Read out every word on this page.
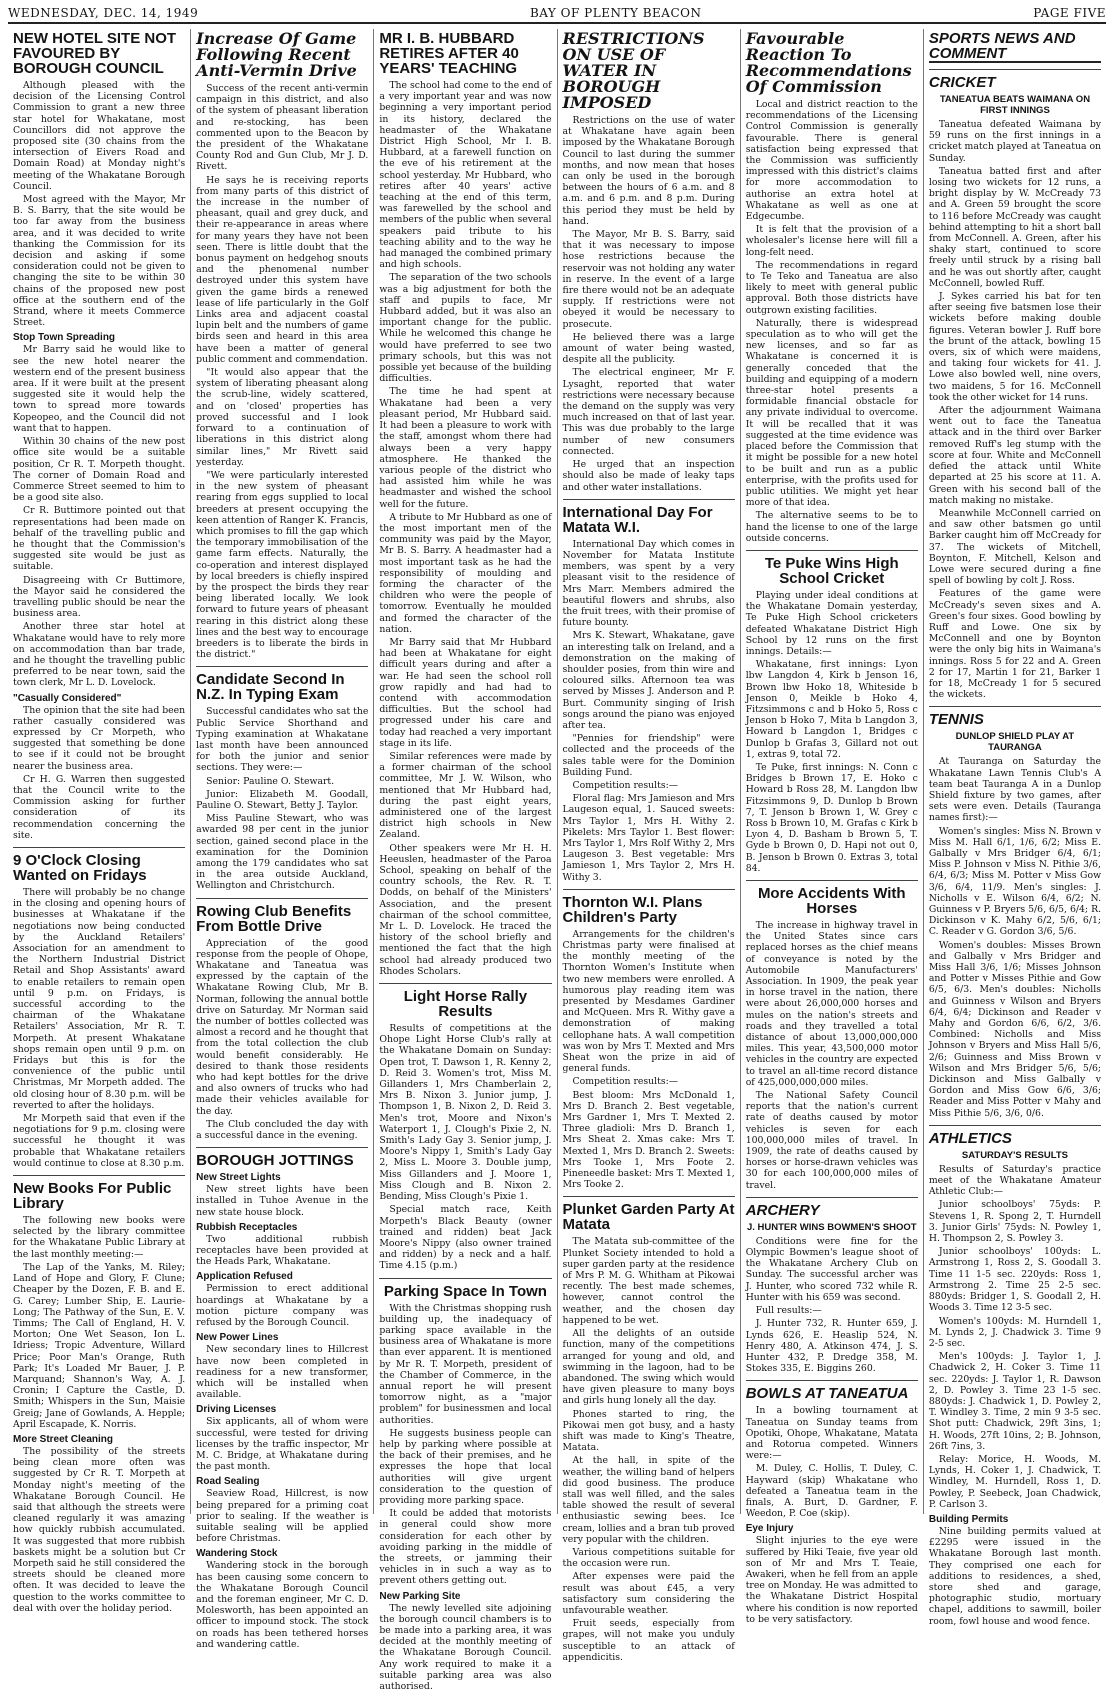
WEDNESDAY, DEC. 14, 1949	BAY OF PLENTY BEACON	PAGE FIVE
NEW HOTEL SITE NOT FAVOURED BY BOROUGH COUNCIL

Although pleased with the decision of the Licensing Control Commission to grant a new three star hotel for Whakatane, most Councillors did not approve the proposed site (30 chains from the intersection of Eivers Road and Domain Road) at Monday night's meeting of the Whakatane Borough Council.

Most agreed with the Mayor, Mr B. S. Barry, that the site would be too far away from the business area, and it was decided to write thanking the Commission for its decision and asking if some consideration could not be given to changing the site to be within 30 chains of the proposed new post office at the southern end of the Strand, where it meets Commerce Street.

Stop Town Spreading

Mr Barry said he would like to see the new hotel nearer the western end of the present business area. If it were built at the present suggested site it would help the town to spread more towards Kopeopeo, and the Council did not want that to happen.

Within 30 chains of the new post office site would be a suitable position, Cr R. T. Morpeth thought. The corner of Domain Road and Commerce Street seemed to him to be a good site also.

Cr R. Buttimore pointed out that representations had been made on behalf of the travelling public and he thought that the Commission's suggested site would be just as suitable.

Disagreeing with Cr Buttimore, the Mayor said he considered the travelling public should be near the business area.

Another three star hotel at Whakatane would have to rely more on accommodation than bar trade, and he thought the travelling public preferred to be near town, said the town clerk, Mr L. D. Lovelock.

"Casually Considered"

The opinion that the site had been rather casually considered was expressed by Cr Morpeth, who suggested that something be done to see if it could not be brought nearer the business area.

Cr H. G. Warren then suggested that the Council write to the Commission asking for further consideration of its recommendation concerning the site.

9 O'Clock Closing Wanted on Fridays

There will probably be no change in the closing and opening hours of businesses at Whakatane if the negotiations now being conducted by the Auckland Retailers' Association for an amendment to the Northern Industrial District Retail and Shop Assistants' award to enable retailers to remain open until 9 p.m. on Fridays, is successful according to the chairman of the Whakatane Retailers' Association, Mr R. T. Morpeth. At present Whakatane shops remain open until 9 p.m. on Fridays but this is for the convenience of the public until Christmas, Mr Morpeth added. The old closing hour of 8.30 p.m. will be reverted to after the holidays.

Mr Morpeth said that even if the negotiations for 9 p.m. closing were successful he thought it was probable that Whakatane retailers would continue to close at 8.30 p.m.

New Books For Public Library

The following new books were selected by the library committee for the Whakatane Public Library at the last monthly meeting:—

The Lap of the Yanks, M. Riley; Land of Hope and Glory, F. Clune; Cheaper by the Dozen, F. B. and E. G. Carey; Lumber Ship, E. Laurie-Long; The Pathway of the Sun, E. V. Timms; The Call of England, H. V. Morton; One Wet Season, Ion L. Idriess; Tropic Adventure, Willard Price; Poor Man's Orange, Ruth Park; It's Loaded Mr Bauer, J. P. Marquand; Shannon's Way, A. J. Cronin; I Capture the Castle, D. Smith; Whispers in the Sun, Maisie Greig; Jane of Gowlands, A. Hepple; April Escapade, K. Norris.

More Street Cleaning

The possibility of the streets being clean more often was suggested by Cr R. T. Morpeth at Monday night's meeting of the Whakatane Borough Council. He said that although the streets were cleaned regularly it was amazing how quickly rubbish accumulated. It was suggested that more rubbish baskets might be a solution but Cr Morpeth said he still considered the streets should be cleaned more often. It was decided to leave the question to the works committee to deal with over the holiday period.

Increase Of Game Following Recent Anti-Vermin Drive

Success of the recent anti-vermin campaign in this district, and also of the system of pheasant liberation and re-stocking, has been commented upon to the Beacon by the president of the Whakatane County Rod and Gun Club, Mr J. D. Rivett.

He says he is receiving reports from many parts of this district of the increase in the number of pheasant, quail and grey duck, and their re-appearance in areas where for many years they have not been seen. There is little doubt that the bonus payment on hedgehog snouts and the phenomenal number destroyed under this system have given the game birds a renewed lease of life particularly in the Golf Links area and adjacent coastal lupin belt and the numbers of game birds seen and heard in this area have been a matter of general public comment and commendation.

"It would also appear that the system of liberating pheasant along the scrub-line, widely scattered, and on 'closed' properties has proved successful and I look forward to a continuation of liberations in this district along similar lines," Mr Rivett said yesterday.

"We were particularly interested in the new system of pheasant rearing from eggs supplied to local breeders at present occupying the keen attention of Ranger K. Francis, which promises to fill the gap which the temporary immobilisation of the game farm effects. Naturally, the co-operation and interest displayed by local breeders is chiefly inspired by the prospect the birds they rear being liberated locally. We look forward to future years of pheasant rearing in this district along these lines and the best way to encourage breeders is to liberate the birds in the district."

Candidate Second In N.Z. In Typing Exam

Successful candidates who sat the Public Service Shorthand and Typing examination at Whakatane last month have been announced for both the junior and senior sections. They were:—

Senior: Pauline O. Stewart.

Junior: Elizabeth M. Goodall, Pauline O. Stewart, Betty J. Taylor.

Miss Pauline Stewart, who was awarded 98 per cent in the junior section, gained second place in the examination for the Dominion among the 179 candidates who sat in the area outside Auckland, Wellington and Christchurch.

Rowing Club Benefits From Bottle Drive

Appreciation of the good response from the people of Ohope, Whakatane and Taneatua was expressed by the captain of the Whakatane Rowing Club, Mr B. Norman, following the annual bottle drive on Saturday. Mr Norman said the number of bottles collected was almost a record and he thought that from the total collection the club would benefit considerably. He desired to thank those residents who had kept bottles for the drive and also owners of trucks who had made their vehicles available for the day.

The Club concluded the day with a successful dance in the evening.

BOROUGH JOTTINGS
New Street Lights

New street lights have been installed in Tuhoe Avenue in the new state house block.

Rubbish Receptacles

Two additional rubbish receptacles have been provided at the Heads Park, Whakatane.

Application Refused

Permission to erect additional hoardings at Whakatane by a motion picture company was refused by the Borough Council.

New Power Lines

New secondary lines to Hillcrest have now been completed in readiness for a new transformer, which will be installed when available.

Driving Licenses

Six applicants, all of whom were successful, were tested for driving licenses by the traffic inspector, Mr M. C. Bridge, at Whakatane during the past month.

Road Sealing

Seaview Road, Hillcrest, is now being prepared for a priming coat prior to sealing. If the weather is suitable sealing will be applied before Christmas.

Wandering Stock

Wandering stock in the borough has been causing some concern to the Whakatane Borough Council and the foreman engineer, Mr C. D. Molesworth, has been appointed an officer to impound stock. The stock on roads has been tethered horses and wandering cattle.

MR I. B. HUBBARD RETIRES AFTER 40 YEARS' TEACHING

The school had come to the end of a very important year and was now beginning a very important period in its history, declared the headmaster of the Whakatane District High School, Mr I. B. Hubbard, at a farewell function on the eve of his retirement at the school yesterday. Mr Hubbard, who retires after 40 years' active teaching at the end of this term, was farewelled by the school and members of the public when several speakers paid tribute to his teaching ability and to the way he had managed the combined primary and high schools.

The separation of the two schools was a big adjustment for both the staff and pupils to face, Mr Hubbard added, but it was also an important change for the public. While he welcomed this change he would have preferred to see two primary schools, but this was not possible yet because of the building difficulties.

The time he had spent at Whakatane had been a very pleasant period, Mr Hubbard said. It had been a pleasure to work with the staff, amongst whom there had always been a very happy atmosphere. He thanked the various people of the district who had assisted him while he was headmaster and wished the school well for the future.

A tribute to Mr Hubbard as one of the most important men of the community was paid by the Mayor, Mr B. S. Barry. A headmaster had a most important task as he had the responsibility of moulding and forming the character of the children who were the people of tomorrow. Eventually he moulded and formed the character of the nation.

Mr Barry said that Mr Hubbard had been at Whakatane for eight difficult years during and after a war. He had seen the school roll grow rapidly and had had to contend with accommodation difficulties. But the school had progressed under his care and today had reached a very important stage in its life.

Similar references were made by a former chairman of the school committee, Mr J. W. Wilson, who mentioned that Mr Hubbard had, during the past eight years, administered one of the largest district high schools in New Zealand.

Other speakers were Mr H. H. Heeuslen, headmaster of the Paroa School, speaking on behalf of the country schools, the Rev. R. T. Dodds, on behalf of the Ministers' Association, and the present chairman of the school committee, Mr L. D. Lovelock. He traced the history of the school briefly and mentioned the fact that the high school had already produced two Rhodes Scholars.

Light Horse Rally Results

Results of competitions at the Ohope Light Horse Club's rally at the Whakatane Domain on Sunday: Open trot, T. Dawson 1, R. Kenny 2, D. Reid 3. Women's trot, Miss M. Gillanders 1, Mrs Chamberlain 2, Mrs B. Nixon 3. Junior jump, J. Thompson 1, B. Nixon 2, D. Reid 3. Men's trot, Moore and Nixon's Waterport 1, J. Clough's Pixie 2, N. Smith's Lady Gay 3. Senior jump, J. Moore's Nippy 1, Smith's Lady Gay 2, Miss L. Moore 3. Double jump, Miss Gillanders and J. Moore 1, Miss Clough and B. Nixon 2. Bending, Miss Clough's Pixie 1.

Special match race, Keith Morpeth's Black Beauty (owner trained and ridden) beat Jack Moore's Nippy (also owner trained and ridden) by a neck and a half. Time 4.15 (p.m.)

Parking Space In Town

With the Christmas shopping rush building up, the inadequacy of parking space available in the business area of Whakatane is more than ever apparent. It is mentioned by Mr R. T. Morpeth, president of the Chamber of Commerce, in the annual report he will present tomorrow night, as a "major problem" for businessmen and local authorities.

He suggests business people can help by parking where possible at the back of their premises, and he expresses the hope that local authorities will give urgent consideration to the question of providing more parking space.

It could be added that motorists in general could show more consideration for each other by avoiding parking in the middle of the streets, or jamming their vehicles in in such a way as to prevent others getting out.

New Parking Site

The newly levelled site adjoining the borough council chambers is to be made into a parking area, it was decided at the monthly meeting of the Whakatane Borough Council. Any work required to make it a suitable parking area was also authorised.

RESTRICTIONS ON USE OF WATER IN BOROUGH IMPOSED

Restrictions on the use of water at Whakatane have again been imposed by the Whakatane Borough Council to last during the summer months, and now mean that hoses can only be used in the borough between the hours of 6 a.m. and 8 a.m. and 6 p.m. and 8 p.m. During this period they must be held by hand.

The Mayor, Mr B. S. Barry, said that it was necessary to impose hose restrictions because the reservoir was not holding any water in reserve. In the event of a large fire there would not be an adequate supply. If restrictions were not obeyed it would be necessary to prosecute.

He believed there was a large amount of water being wasted, despite all the publicity.

The electrical engineer, Mr F. Lysaght, reported that water restrictions were necessary because the demand on the supply was very much increased on that of last year. This was due probably to the large number of new consumers connected.

He urged that an inspection should also be made of leaky taps and other water installations.

International Day For Matata W.I.

International Day which comes in November for Matata Institute members, was spent by a very pleasant visit to the residence of Mrs Marr. Members admired the beautiful flowers and shrubs, also the fruit trees, with their promise of future bounty.

Mrs K. Stewart, Whakatane, gave an interesting talk on Ireland, and a demonstration on the making of shoulder posies, from thin wire and coloured silks. Afternoon tea was served by Misses J. Anderson and P. Burt. Community singing of Irish songs around the piano was enjoyed after tea.

"Pennies for friendship" were collected and the proceeds of the sales table were for the Dominion Building Fund.

Competition results:—

Floral flag: Mrs Jamieson and Mrs Laugeson equal, 1. Sauced sweets: Mrs Taylor 1, Mrs H. Withy 2. Pikelets: Mrs Taylor 1. Best flower: Mrs Taylor 1, Mrs Rolf Withy 2, Mrs Laugeson 3. Best vegetable: Mrs Jamieson 1, Mrs Taylor 2, Mrs H. Withy 3.

Thornton W.I. Plans Children's Party

Arrangements for the children's Christmas party were finalised at the monthly meeting of the Thornton Women's Institute when two new members were enrolled. A humorous play reading item was presented by Mesdames Gardiner and McQueen. Mrs R. Withy gave a demonstration of making cellophane hats. A wall competition was won by Mrs T. Mexted and Mrs Sheat won the prize in aid of general funds.

Competition results:—

Best bloom: Mrs McDonald 1, Mrs D. Branch 2. Best vegetable, Mrs Gardner 1, Mrs T. Mexted 2. Three gladioli: Mrs D. Branch 1, Mrs Sheat 2. Xmas cake: Mrs T. Mexted 1, Mrs D. Branch 2. Sweets: Mrs Tooke 1, Mrs Foote 2. Pineneedle basket: Mrs T. Mexted 1, Mrs Tooke 2.

Plunket Garden Party At Matata

The Matata sub-committee of the Plunket Society intended to hold a super garden party at the residence of Mrs P. M. G. Whitham at Pikowai recently. The best made schemes, however, cannot control the weather, and the chosen day happened to be wet.

All the delights of an outside function, many of the competitions arranged for young and old, and swimming in the lagoon, had to be abandoned. The swing which would have given pleasure to many boys and girls hung lonely all the day.

Phones started to ring, the Pikowai men got busy, and a hasty shift was made to King's Theatre, Matata.

At the hall, in spite of the weather, the willing band of helpers did good business. The produce stall was well filled, and the sales table showed the result of several enthusiastic sewing bees. Ice cream, lollies and a bran tub proved very popular with the children.

Various competitions suitable for the occasion were run.

After expenses were paid the result was about £45, a very satisfactory sum considering the unfavourable weather.

Fruit seeds, especially from grapes, will not make you unduly susceptible to an attack of appendicitis.

Favourable Reaction To Recommendations Of Commission

Local and district reaction to the recommendations of the Licensing Control Commission is generally favourable. There is general satisfaction being expressed that the Commission was sufficiently impressed with this district's claims for more accommodation to authorise an extra hotel at Whakatane as well as one at Edgecumbe.

It is felt that the provision of a wholesaler's license here will fill a long-felt need.

The recommendations in regard to Te Teko and Taneatua are also likely to meet with general public approval. Both those districts have outgrown existing facilities.

Naturally, there is widespread speculation as to who will get the new licenses, and so far as Whakatane is concerned it is generally conceded that the building and equipping of a modern three-star hotel presents a formidable financial obstacle for any private individual to overcome. It will be recalled that it was suggested at the time evidence was placed before the Commission that it might be possible for a new hotel to be built and run as a public enterprise, with the profits used for public utilities. We might yet hear more of that idea.

The alternative seems to be to hand the license to one of the large outside concerns.

Te Puke Wins High School Cricket

Playing under ideal conditions at the Whakatane Domain yesterday, Te Puke High School cricketers defeated Whakatane District High School by 12 runs on the first innings. Details:—

Whakatane, first innings: Lyon lbw Langdon 4, Kirk b Jenson 16, Brown lbw Hoko 18, Whiteside b Jenson 0, Meikle b Hoko 4, Fitzsimmons c and b Hoko 5, Ross c Jenson b Hoko 7, Mita b Langdon 3, Howard b Langdon 1, Bridges c Dunlop b Grafas 3, Gillard not out 1, extras 9, total 72.

Te Puke, first innings: N. Conn c Bridges b Brown 17, E. Hoko c Howard b Ross 28, M. Langdon lbw Fitzsimmons 9, D. Dunlop b Brown 7, T. Jenson b Brown 1, W. Grey c Ross b Brown 10, M. Grafas c Kirk b Lyon 4, D. Basham b Brown 5, T. Gyde b Brown 0, D. Hapi not out 0, B. Jenson b Brown 0. Extras 3, total 84.

More Accidents With Horses

The increase in highway travel in the United States since cars replaced horses as the chief means of conveyance is noted by the Automobile Manufacturers' Association. In 1909, the peak year in horse travel in the nation, there were about 26,000,000 horses and mules on the nation's streets and roads and they travelled a total distance of about 13,000,000,000 miles. This year, 43,500,000 motor vehicles in the country are expected to travel an all-time record distance of 425,000,000,000 miles.

The National Safety Council reports that the nation's current rate of deaths caused by motor vehicles is seven for each 100,000,000 miles of travel. In 1909, the rate of deaths caused by horses or horse-drawn vehicles was 30 for each 100,000,000 miles of travel.

ARCHERY
J. HUNTER WINS BOWMEN'S SHOOT

Conditions were fine for the Olympic Bowmen's league shoot of the Whakatane Archery Club on Sunday. The successful archer was J. Hunter, who scored 732 while R. Hunter with his 659 was second.

Full results:—

J. Hunter 732, R. Hunter 659, J. Lynds 626, E. Heaslip 524, N. Henry 480, A. Atkinson 474, J. S. Hunter 432, P. Dredge 358, M. Stokes 335, E. Biggins 260.

BOWLS AT TANEATUA

In a bowling tournament at Taneatua on Sunday teams from Opotiki, Ohope, Whakatane, Matata and Rotorua competed. Winners were:—

M. Duley, C. Hollis, T. Duley, C. Hayward (skip) Whakatane who defeated a Taneatua team in the finals, A. Burt, D. Gardner, F. Weedon, P. Coe (skip).

Eye Injury

Slight injuries to the eye were suffered by Hiki Teaie, five year old son of Mr and Mrs T. Teaie, Awakeri, when he fell from an apple tree on Monday. He was admitted to the Whakatane District Hospital where his condition is now reported to be very satisfactory.

SPORTS NEWS AND COMMENT
CRICKET
TANEATUA BEATS WAIMANA ON FIRST INNINGS

Taneatua defeated Waimana by 59 runs on the first innings in a cricket match played at Taneatua on Sunday.

Taneatua batted first and after losing two wickets for 12 runs, a bright display by W. McCready 73 and A. Green 59 brought the score to 116 before McCready was caught behind attempting to hit a short ball from McConnell. A. Green, after his shaky start, continued to score freely until struck by a rising ball and he was out shortly after, caught McConnell, bowled Ruff.

J. Sykes carried his bat for ten after seeing five batsmen lose their wickets before making double figures. Veteran bowler J. Ruff bore the brunt of the attack, bowling 15 overs, six of which were maidens, and taking four wickets for 41. J. Lowe also bowled well, nine overs, two maidens, 5 for 16. McConnell took the other wicket for 14 runs.

After the adjournment Waimana went out to face the Taneatua attack and in the third over Barker removed Ruff's leg stump with the score at four. White and McConnell defied the attack until White departed at 25 his score at 11. A. Green with his second ball of the match making no mistake.

Meanwhile McConnell carried on and saw other batsmen go until Barker caught him off McCready for 37. The wickets of Mitchell, Boynton, F. Mitchell, Kelson and Lowe were secured during a fine spell of bowling by colt J. Ross.

Features of the game were McCready's seven sixes and A. Green's four sixes. Good bowling by Ruff and Lowe. One six by McConnell and one by Boynton were the only big hits in Waimana's innings. Ross 5 for 22 and A. Green 2 for 17, Martin 1 for 21, Barker 1 for 18, McCready 1 for 5 secured the wickets.

TENNIS
DUNLOP SHIELD PLAY AT TAURANGA

At Tauranga on Saturday the Whakatane Lawn Tennis Club's A team beat Tauranga A in a Dunlop Shield fixture by two games, after sets were even. Details (Tauranga names first):—

Women's singles: Miss N. Brown v Miss M. Hall 6/1, 1/6, 6/2; Miss E. Galbally v Mrs Bridger 6/4, 6/1; Miss P. Johnson v Miss N. Pithie 3/6, 6/4, 6/3; Miss M. Potter v Miss Gow 3/6, 6/4, 11/9. Men's singles: J. Nicholls v E. Wilson 6/4, 6/2; N. Guinness v P. Bryers 5/6, 6/5, 6/4; R. Dickinson v K. Mahy 6/2, 5/6, 6/1; C. Reader v G. Gordon 3/6, 5/6.

Women's doubles: Misses Brown and Galbally v Mrs Bridger and Miss Hall 3/6, 1/6; Misses Johnson and Potter v Misses Pithie and Gow 6/5, 6/3. Men's doubles: Nicholls and Guinness v Wilson and Bryers 6/4, 6/4; Dickinson and Reader v Mahy and Gordon 6/6, 6/2, 3/6. Combined: Nicholls and Miss Johnson v Bryers and Miss Hall 5/6, 2/6; Guinness and Miss Brown v Wilson and Mrs Bridger 5/6, 5/6; Dickinson and Miss Galbally v Gordon and Miss Gow 6/6, 3/6; Reader and Miss Potter v Mahy and Miss Pithie 5/6, 3/6, 0/6.

ATHLETICS
SATURDAY'S RESULTS

Results of Saturday's practice meet of the Whakatane Amateur Athletic Club:—

Junior schoolboys' 75yds: P. Stevens 1, R. Spong 2, T. Hurndell 3. Junior Girls' 75yds: N. Powley 1, H. Thompson 2, S. Powley 3.

Junior schoolboys' 100yds: L. Armstrong 1, Ross 2, S. Goodall 3. Time 11 1-5 sec. 220yds: Ross 1, Armstrong 2. Time 25 2-5 sec. 880yds: Bridger 1, S. Goodall 2, H. Woods 3. Time 12 3-5 sec.

Women's 100yds: M. Hurndell 1, M. Lynds 2, J. Chadwick 3. Time 9 2-5 sec.

Men's 100yds: J. Taylor 1, J. Chadwick 2, H. Coker 3. Time 11 sec. 220yds: J. Taylor 1, R. Dawson 2, D. Powley 3. Time 23 1-5 sec. 880yds: J. Chadwick 1, D. Powley 2, T. Windley 3. Time, 2 min 9 3-5 sec. Shot putt: Chadwick, 29ft 3ins, 1; H. Woods, 27ft 10ins, 2; B. Johnson, 26ft 7ins, 3.

Relay: Morice, H. Woods, M. Lynds, H. Coker 1, J. Chadwick, T. Windley, M. Hurndell, Ross 1, D. Powley, P. Seebeck, Joan Chadwick, P. Carlson 3.

Building Permits

Nine building permits valued at £2295 were issued in the Whakatane Borough last month. They comprised one each for additions to residences, a shed, store shed and garage, photographic studio, mortuary chapel, additions to sawmill, boiler room, fowl house and wood fence.
